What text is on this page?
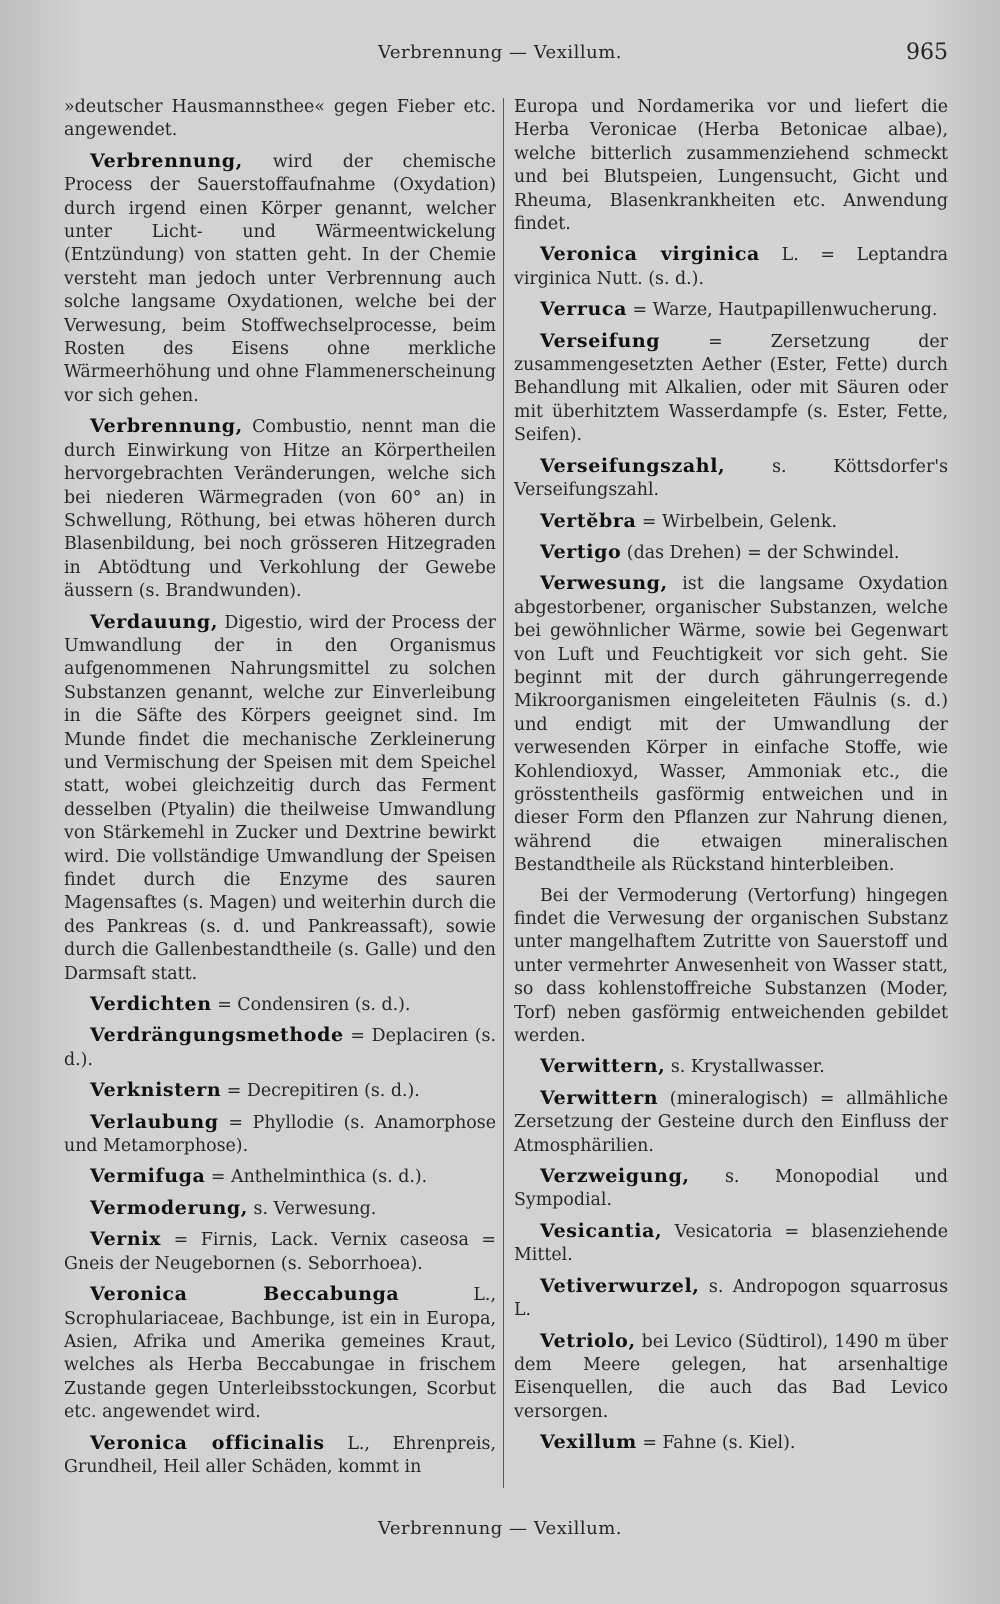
Verbrennung — Vexillum.	965

»deutscher Hausmannsthee« gegen Fieber etc. angewendet.

Verbrennung, wird der chemische Process der Sauerstoffaufnahme (Oxydation) durch irgend einen Körper genannt, welcher unter Licht- und Wärmeentwickelung (Entzündung) von statten geht. In der Chemie versteht man jedoch unter Verbrennung auch solche langsame Oxydationen, welche bei der Verwesung, beim Stoffwechselprocesse, beim Rosten des Eisens ohne merkliche Wärmeerhöhung und ohne Flammenerscheinung vor sich gehen.

Verbrennung, Combustio, nennt man die durch Einwirkung von Hitze an Körpertheilen hervorgebrachten Veränderungen, welche sich bei niederen Wärmegraden (von 60° an) in Schwellung, Röthung, bei etwas höheren durch Blasenbildung, bei noch grösseren Hitzegraden in Abtödtung und Verkohlung der Gewebe äussern (s. Brandwunden).

Verdauung, Digestio, wird der Process der Umwandlung der in den Organismus aufgenommenen Nahrungsmittel zu solchen Substanzen genannt, welche zur Einverleibung in die Säfte des Körpers geeignet sind. Im Munde findet die mechanische Zerkleinerung und Vermischung der Speisen mit dem Speichel statt, wobei gleichzeitig durch das Ferment desselben (Ptyalin) die theilweise Umwandlung von Stärkemehl in Zucker und Dextrine bewirkt wird. Die vollständige Umwandlung der Speisen findet durch die Enzyme des sauren Magensaftes (s. Magen) und weiterhin durch die des Pankreas (s. d. und Pankreassaft), sowie durch die Gallenbestandtheile (s. Galle) und den Darmsaft statt.

Verdichten = Condensiren (s. d.).

Verdrängungsmethode = Deplaciren (s. d.).

Verknistern = Decrepitiren (s. d.).

Verlaubung = Phyllodie (s. Anamorphose und Metamorphose).

Vermifuga = Anthelminthica (s. d.).

Vermoderung, s. Verwesung.

Vernix = Firnis, Lack. Vernix caseosa = Gneis der Neugebornen (s. Seborrhoea).

Veronica Beccabunga L., Scrophulariaceae, Bachbunge, ist ein in Europa, Asien, Afrika und Amerika gemeines Kraut, welches als Herba Beccabungae in frischem Zustande gegen Unterleibsstockungen, Scorbut etc. angewendet wird.

Veronica officinalis L., Ehrenpreis, Grundheil, Heil aller Schäden, kommt in

Europa und Nordamerika vor und liefert die Herba Veronicae (Herba Betonicae albae), welche bitterlich zusammenziehend schmeckt und bei Blutspeien, Lungensucht, Gicht und Rheuma, Blasenkrankheiten etc. Anwendung findet.

Veronica virginica L. = Leptandra virginica Nutt. (s. d.).

Verruca = Warze, Hautpapillenwucherung.

Verseifung = Zersetzung der zusammengesetzten Aether (Ester, Fette) durch Behandlung mit Alkalien, oder mit Säuren oder mit überhitztem Wasserdampfe (s. Ester, Fette, Seifen).

Verseifungszahl, s. Köttsdorfer's Verseifungszahl.

Vertĕbra = Wirbelbein, Gelenk.

Vertigo (das Drehen) = der Schwindel.

Verwesung, ist die langsame Oxydation abgestorbener, organischer Substanzen, welche bei gewöhnlicher Wärme, sowie bei Gegenwart von Luft und Feuchtigkeit vor sich geht. Sie beginnt mit der durch gährungerregende Mikroorganismen eingeleiteten Fäulnis (s. d.) und endigt mit der Umwandlung der verwesenden Körper in einfache Stoffe, wie Kohlendioxyd, Wasser, Ammoniak etc., die grösstentheils gasförmig entweichen und in dieser Form den Pflanzen zur Nahrung dienen, während die etwaigen mineralischen Bestandtheile als Rückstand hinterbleiben.

Bei der Vermoderung (Vertorfung) hingegen findet die Verwesung der organischen Substanz unter mangelhaftem Zutritte von Sauerstoff und unter vermehrter Anwesenheit von Wasser statt, so dass kohlenstoffreiche Substanzen (Moder, Torf) neben gasförmig entweichenden gebildet werden.

Verwittern, s. Krystallwasser.

Verwittern (mineralogisch) = allmähliche Zersetzung der Gesteine durch den Einfluss der Atmosphärilien.

Verzweigung, s. Monopodial und Sympodial.

Vesicantia, Vesicatoria = blasenziehende Mittel.

Vetiverwurzel, s. Andropogon squarrosus L.

Vetriolo, bei Levico (Südtirol), 1490 m über dem Meere gelegen, hat arsenhaltige Eisenquellen, die auch das Bad Levico versorgen.

Vexillum = Fahne (s. Kiel).

Verbrennung — Vexillum.
